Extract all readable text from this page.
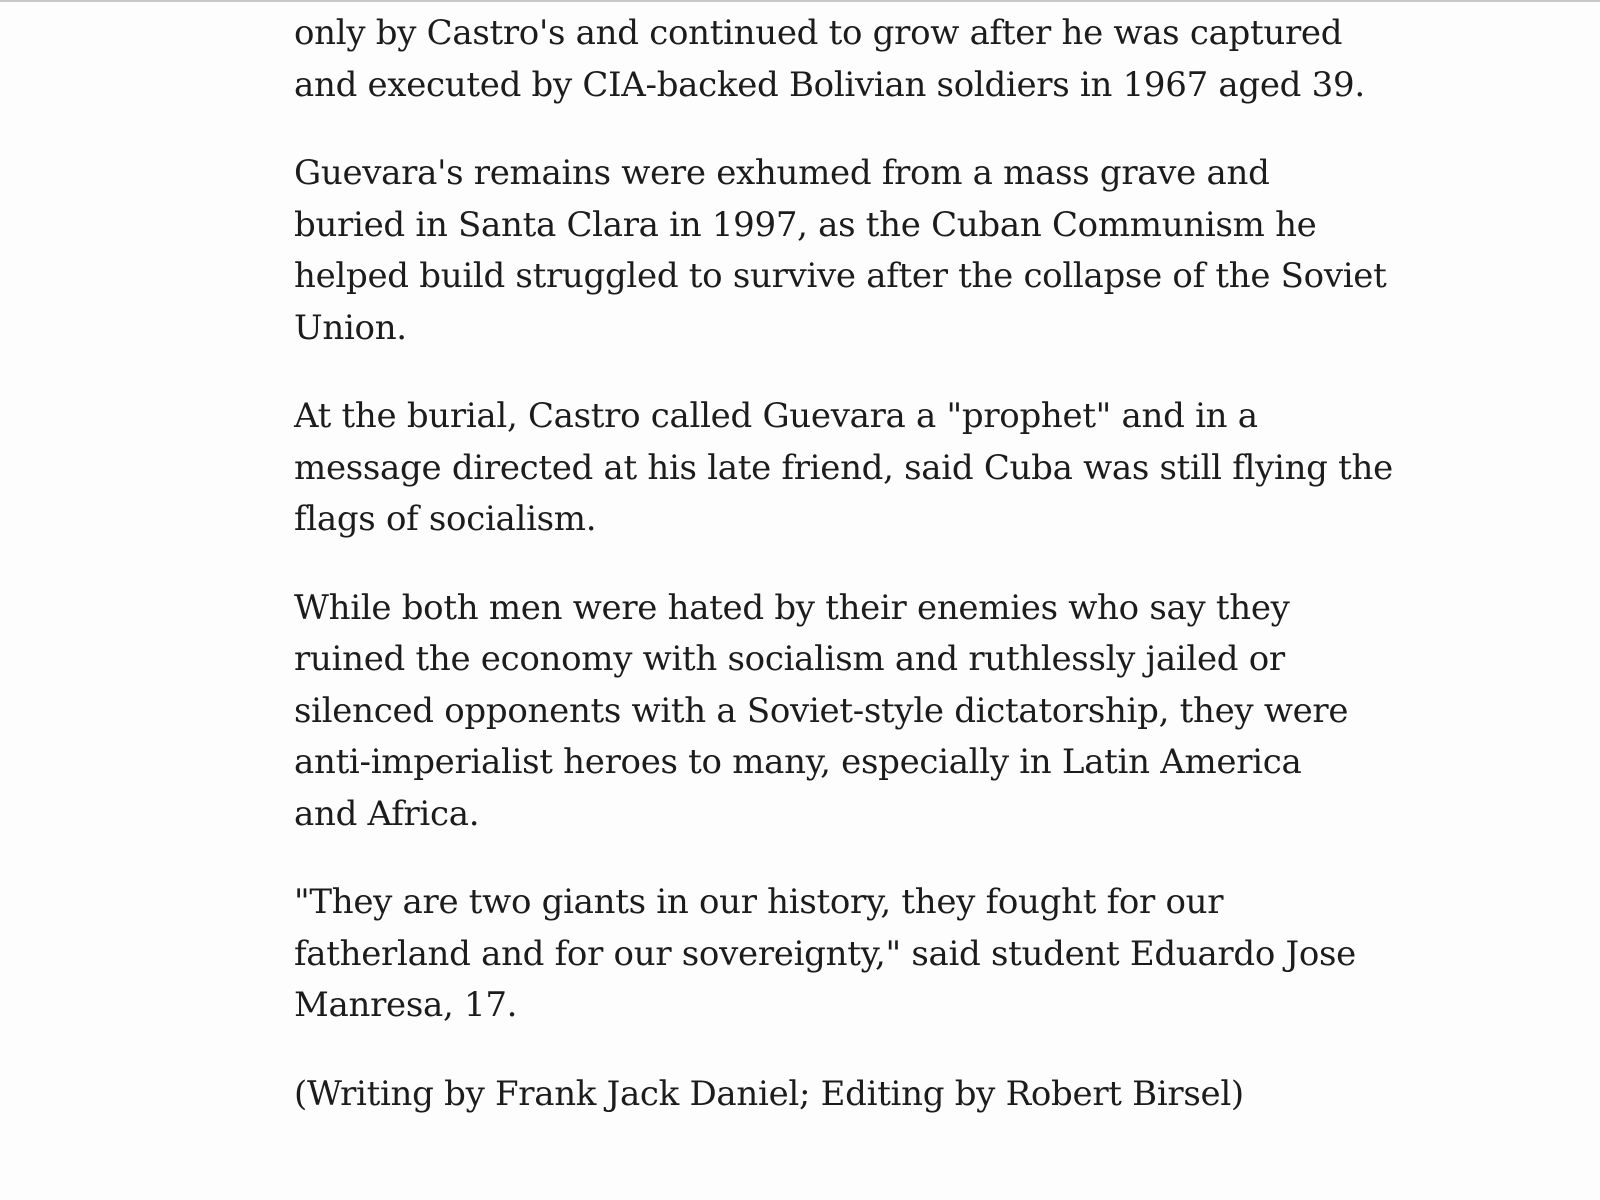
only by Castro's and continued to grow after he was captured
and executed by CIA-backed Bolivian soldiers in 1967 aged 39.

Guevara's remains were exhumed from a mass grave and
buried in Santa Clara in 1997, as the Cuban Communism he
helped build struggled to survive after the collapse of the Soviet
Union.

At the burial, Castro called Guevara a "prophet" and in a
message directed at his late friend, said Cuba was still flying the
flags of socialism.

While both men were hated by their enemies who say they
ruined the economy with socialism and ruthlessly jailed or
silenced opponents with a Soviet-style dictatorship, they were
anti-imperialist heroes to many, especially in Latin America
and Africa.

"They are two giants in our history, they fought for our
fatherland and for our sovereignty," said student Eduardo Jose
Manresa, 17.

(Writing by Frank Jack Daniel; Editing by Robert Birsel)
